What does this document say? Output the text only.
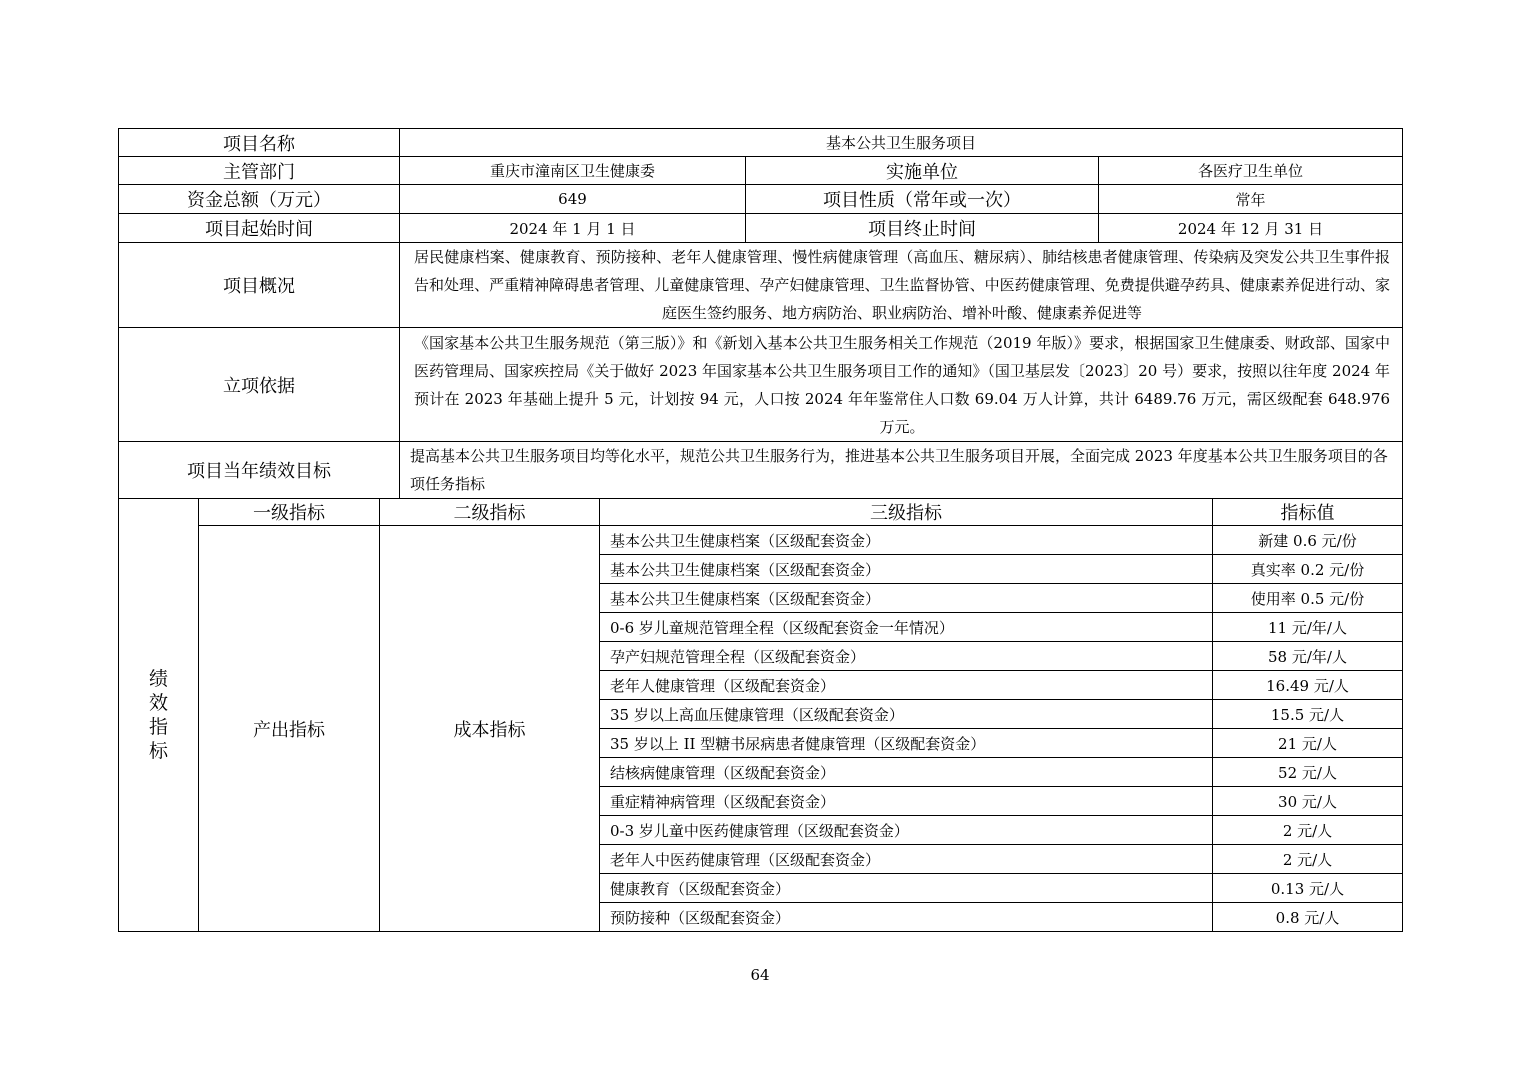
项目名称	基本公共卫生服务项目		
主管部门	重庆市潼南区卫生健康委	实施单位	各医疗卫生单位
资金总额（万元）	649	项目性质（常年或一次）	常年
项目起始时间	2024 年 1 月 1 日	项目终止时间	2024 年 12 月 31 日
项目概况	居民健康档案、健康教育、预防接种、老年人健康管理、慢性病健康管理（高血压、糖尿病）、肺结核患者健康管理、传染病及突发公共卫生事件报告和处理、严重精神障碍患者管理、儿童健康管理、孕产妇健康管理、卫生监督协管、中医药健康管理、免费提供避孕药具、健康素养促进行动、家庭医生签约服务、地方病防治、职业病防治、增补叶酸、健康素养促进等		
立项依据	《国家基本公共卫生服务规范（第三版）》和《新划入基本公共卫生服务相关工作规范（2019 年版）》要求，根据国家卫生健康委、财政部、国家中医药管理局、国家疾控局《关于做好 2023 年国家基本公共卫生服务项目工作的通知》（国卫基层发〔2023〕20 号）要求，按照以往年度 2024 年预计在 2023 年基础上提升 5 元，计划按 94 元，人口按 2024 年年鉴常住人口数 69.04 万人计算，共计 6489.76 万元，需区级配套 648.976 万元。		
项目当年绩效目标	提高基本公共卫生服务项目均等化水平，规范公共卫生服务行为，推进基本公共卫生服务项目开展，全面完成 2023 年度基本公共卫生服务项目的各项任务指标		
绩
效
指
标	一级指标	二级指标	三级指标	指标值
	产出指标	成本指标	基本公共卫生健康档案（区级配套资金）	新建 0.6 元/份
			基本公共卫生健康档案（区级配套资金）	真实率 0.2 元/份
			基本公共卫生健康档案（区级配套资金）	使用率 0.5 元/份
			0-6 岁儿童规范管理全程（区级配套资金一年情况）	11 元/年/人
			孕产妇规范管理全程（区级配套资金）	58 元/年/人
			老年人健康管理（区级配套资金）	16.49 元/人
			35 岁以上高血压健康管理（区级配套资金）	15.5 元/人
			35 岁以上 II 型糖书尿病患者健康管理（区级配套资金）	21 元/人
			结核病健康管理（区级配套资金）	52 元/人
			重症精神病管理（区级配套资金）	30 元/人
			0-3 岁儿童中医药健康管理（区级配套资金）	2 元/人
			老年人中医药健康管理（区级配套资金）	2 元/人
			健康教育（区级配套资金）	0.13 元/人
			预防接种（区级配套资金）	0.8 元/人
64
